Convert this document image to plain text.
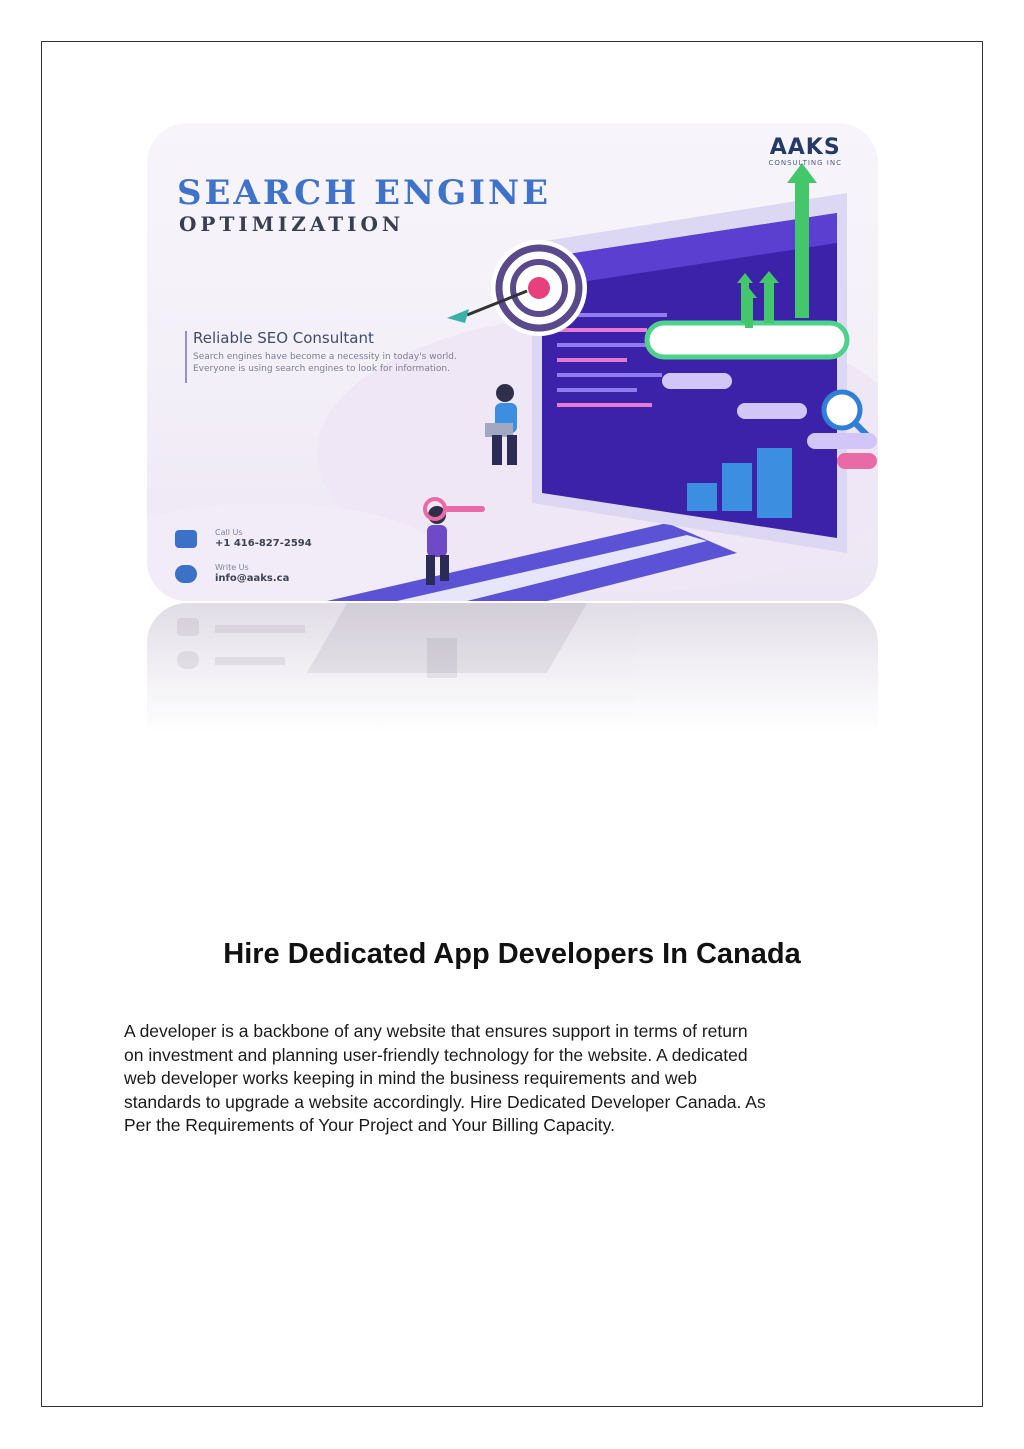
AAKS
CONSULTING INC
SEARCH ENGINE
OPTIMIZATION
Reliable SEO Consultant
Search engines have become a necessity in today's world. Everyone is using search engines to look for information.
Call Us
+1 416-827-2594
Write Us
info@aaks.ca
Hire Dedicated App Developers In Canada
A developer is a backbone of any website that ensures support in terms of return
on investment and planning user-friendly technology for the website. A dedicated
web developer works keeping in mind the business requirements and web
standards to upgrade a website accordingly. Hire Dedicated Developer Canada. As
Per the Requirements of Your Project and Your Billing Capacity.
